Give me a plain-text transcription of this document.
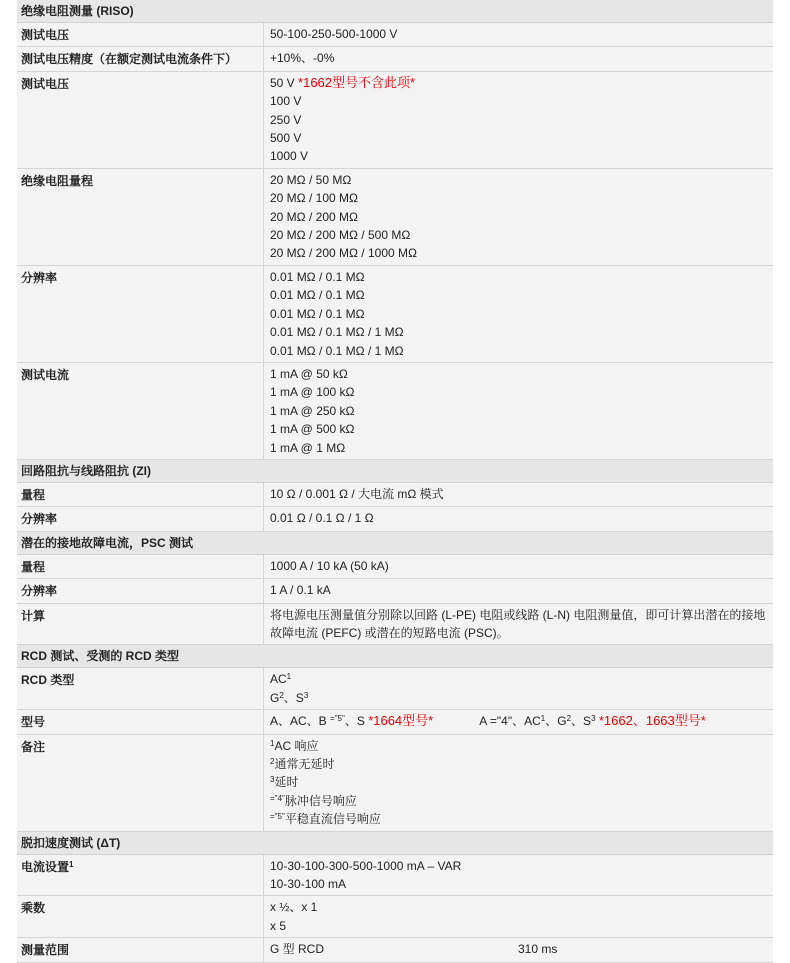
绝缘电阻测量 (RISO)
测试电压	50-100-250-500-1000 V
测试电压精度（在额定测试电流条件下）	+10%、-0%
测试电压	50 V *1662型号不含此项*
100 V
250 V
500 V
1000 V
绝缘电阻量程	20 MΩ / 50 MΩ
20 MΩ / 100 MΩ
20 MΩ / 200 MΩ
20 MΩ / 200 MΩ / 500 MΩ
20 MΩ / 200 MΩ / 1000 MΩ
分辨率	0.01 MΩ / 0.1 MΩ
0.01 MΩ / 0.1 MΩ
0.01 MΩ / 0.1 MΩ
0.01 MΩ / 0.1 MΩ / 1 MΩ
0.01 MΩ / 0.1 MΩ / 1 MΩ
测试电流	1 mA @ 50 kΩ
1 mA @ 100 kΩ
1 mA @ 250 kΩ
1 mA @ 500 kΩ
1 mA @ 1 MΩ
回路阻抗与线路阻抗 (ZI)
量程	10 Ω / 0.001 Ω / 大电流 mΩ 模式
分辨率	0.01 Ω / 0.1 Ω / 1 Ω
潜在的接地故障电流，PSC 测试
量程	1000 A / 10 kA (50 kA)
分辨率	1 A / 0.1 kA
计算	将电源电压测量值分别除以回路 (L-PE) 电阻或线路 (L-N) 电阻测量值，即可计算出潜在的接地故障电流 (PEFC) 或潜在的短路电流 (PSC)。
RCD 测试、受测的 RCD 类型
RCD 类型	$AC^1$
$G^2$、$S^3$
型号	A、AC、B $^{="5"}$、S *1664型号*	A ="4"、$AC^1$、$G^2$、$S^3$ *1662、1663型号*
备注	$^1$AC 响应
$^2$通常无延时
$^3$延时
$^{="4"}$脉冲信号响应
$^{="5"}$平稳直流信号响应
脱扣速度测试 (ΔT)
电流设置$^1$	10-30-100-300-500-1000 mA – VAR
10-30-100 mA
乘数	x ½、x 1
x 5
测量范围	G 型 RCD	310 ms
